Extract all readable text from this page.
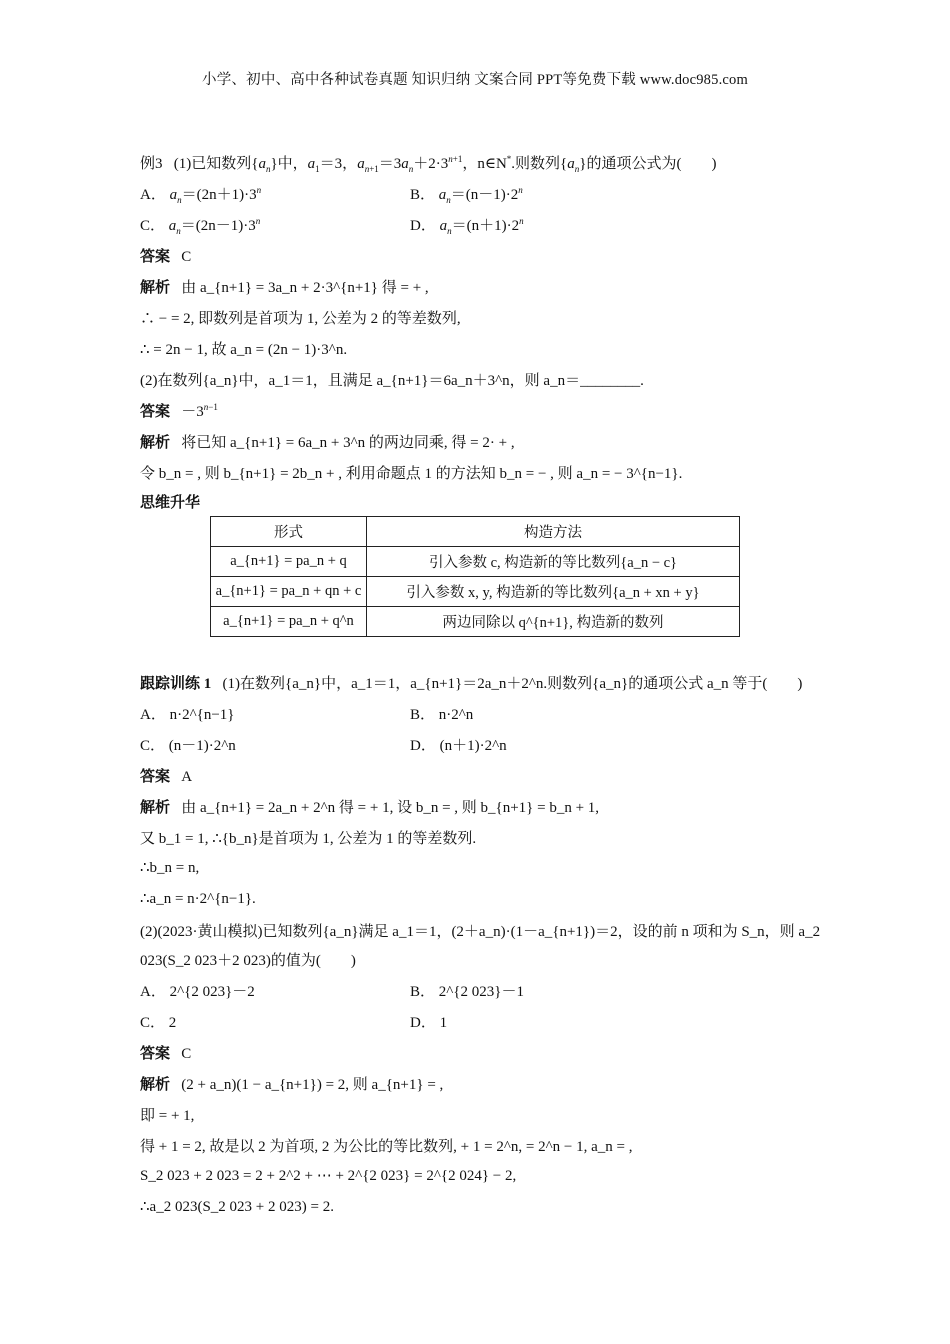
小学、初中、高中各种试卷真题 知识归纳 文案合同 PPT等免费下载 www.doc985.com
例3 (1)已知数列$\{a_n\}$中，$a_1=3$，$a_{n+1}=3a_n+2\cdot 3^{n+1}$，n∈N*.则数列$\{a_n\}$的通项公式为(　　)
A． $a_n=(2n+1)\cdot 3^n$	B． $a_n=(n-1)\cdot 2^n$
C． $a_n=(2n-1)\cdot 3^n$	D． $a_n=(n+1)\cdot 2^n$
答案 C
解析 由 a_{n+1} = 3a_n + 2·3^{n+1} 得 = + ,
∴ − = 2, 即数列是首项为 1, 公差为 2 的等差数列,
∴ = 2n − 1, 故 a_n = (2n − 1)·3^n.
(2)在数列{a_n}中，a_1＝1，且满足 a_{n+1}＝6a_n＋3^n，则 a_n＝________.
答案 $-3^{n-1}$
解析 将已知 a_{n+1} = 6a_n + 3^n 的两边同乘, 得 = 2· + ,
令 b_n = , 则 b_{n+1} = 2b_n + , 利用命题点 1 的方法知 b_n = − , 则 a_n = − 3^{n−1}.
思维升华
形式	构造方法
a_{n+1} = pa_n + q	引入参数 c, 构造新的等比数列{a_n − c}
a_{n+1} = pa_n + qn + c	引入参数 x, y, 构造新的等比数列{a_n + xn + y}
a_{n+1} = pa_n + q^n	两边同除以 q^{n+1}, 构造新的数列
跟踪训练 1 (1)在数列{a_n}中，a_1＝1，a_{n+1}＝2a_n＋2^n.则数列{a_n}的通项公式 a_n 等于(　　)
A． n·2^{n−1}	B． n·2^n
C． (n－1)·2^n	D． (n＋1)·2^n
答案 A
解析 由 a_{n+1} = 2a_n + 2^n 得 = + 1, 设 b_n = , 则 b_{n+1} = b_n + 1,
又 b_1 = 1, ∴{b_n}是首项为 1, 公差为 1 的等差数列.
∴b_n = n,
∴a_n = n·2^{n−1}.
(2)(2023·黄山模拟)已知数列{a_n}满足 a_1＝1，(2＋a_n)·(1－a_{n+1})＝2，设的前 n 项和为 S_n，则 a_2
023(S_2 023＋2 023)的值为(　　)
A． 2^{2 023}－2	B． 2^{2 023}－1
C． 2	D． 1
答案 C
解析 (2 + a_n)(1 − a_{n+1}) = 2, 则 a_{n+1} = ,
即 = + 1,
得 + 1 = 2, 故是以 2 为首项, 2 为公比的等比数列, + 1 = 2^n, = 2^n − 1, a_n = ,
S_2 023 + 2 023 = 2 + 2^2 + ⋯ + 2^{2 023} = 2^{2 024} − 2,
∴a_2 023(S_2 023 + 2 023) = 2.
